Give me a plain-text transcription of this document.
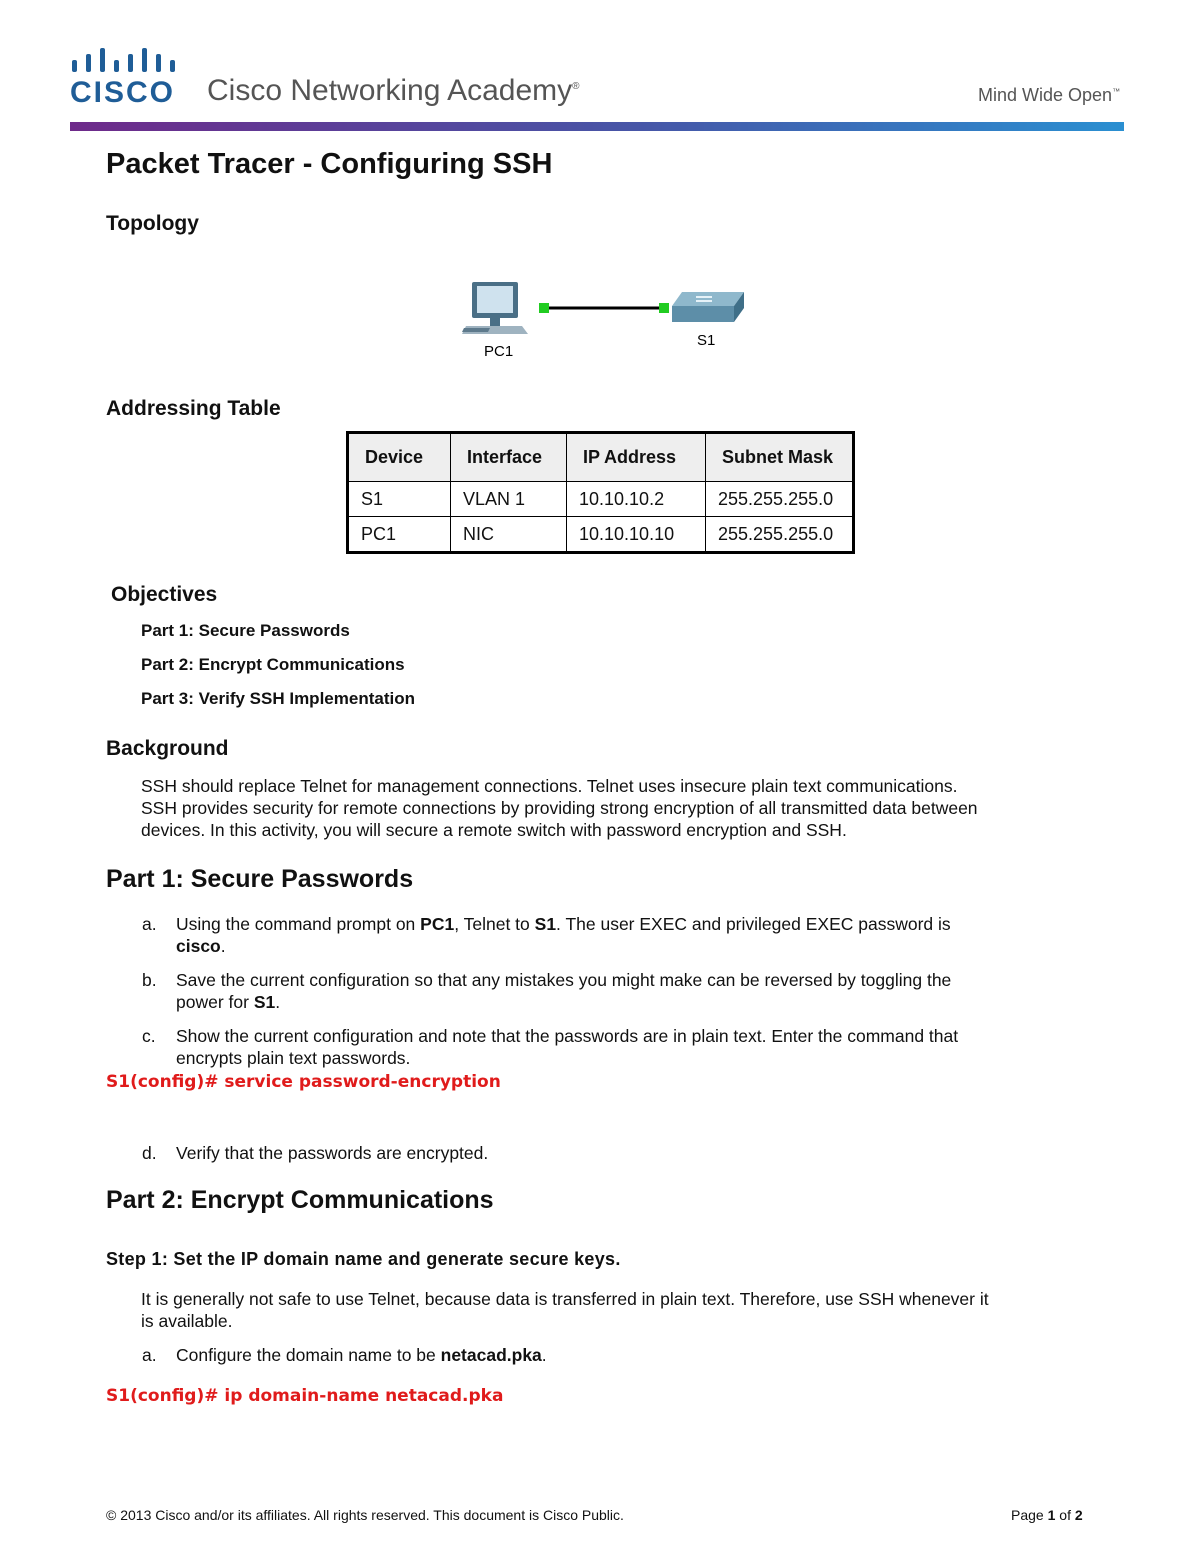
CISCO Cisco Networking Academy®	Mind Wide Open™
Packet Tracer - Configuring SSH
Topology
PC1
S1
Addressing Table
Device	Interface	IP Address	Subnet Mask
S1	VLAN 1	10.10.10.2	255.255.255.0
PC1	NIC	10.10.10.10	255.255.255.0
Objectives
Part 1: Secure Passwords
Part 2: Encrypt Communications
Part 3: Verify SSH Implementation
Background
SSH should replace Telnet for management connections. Telnet uses insecure plain text communications.
SSH provides security for remote connections by providing strong encryption of all transmitted data between
devices. In this activity, you will secure a remote switch with password encryption and SSH.
Part 1: Secure Passwords
a. Using the command prompt on PC1, Telnet to S1. The user EXEC and privileged EXEC password is
cisco.
b. Save the current configuration so that any mistakes you might make can be reversed by toggling the
power for S1.
c. Show the current configuration and note that the passwords are in plain text. Enter the command that
encrypts plain text passwords.
S1(config)# service password-encryption
d. Verify that the passwords are encrypted.
Part 2: Encrypt Communications
Step 1: Set the IP domain name and generate secure keys.
It is generally not safe to use Telnet, because data is transferred in plain text. Therefore, use SSH whenever it
is available.
a. Configure the domain name to be netacad.pka.
S1(config)# ip domain-name netacad.pka
© 2013 Cisco and/or its affiliates. All rights reserved. This document is Cisco Public.	Page 1 of 2
